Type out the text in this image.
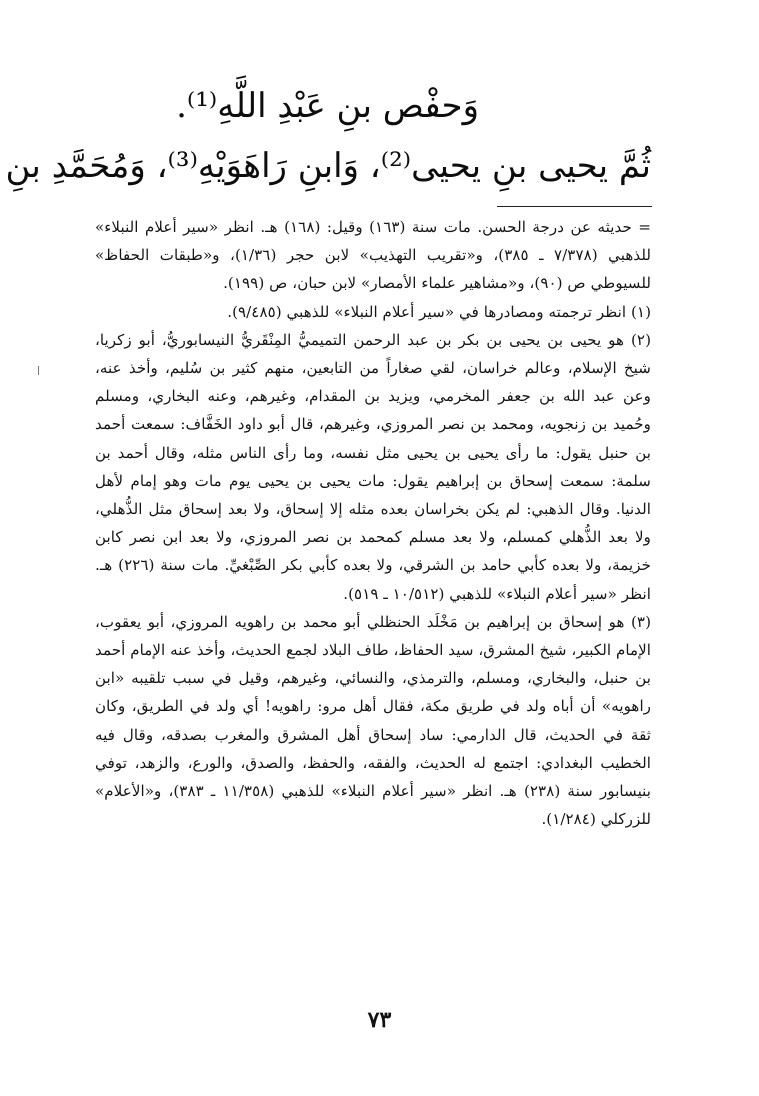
وَحفْص بنِ عَبْدِ اللَّهِ⁽¹⁾.
ثُمَّ يحيى بنِ يحيى⁽²⁾، وَابنِ رَاهَوَيْهِ⁽³⁾، وَمُحَمَّدِ بنِ

= حديثه عن درجة الحسن. مات سنة (١٦٣) وقيل: (١٦٨) هـ. انظر «سير أعلام النبلاء» للذهبي (٧/٣٧٨ ـ ٣٨٥)، و«تقريب التهذيب» لابن حجر (١/٣٦)، و«طبقات الحفاظ» للسيوطي ص (٩٠)، و«مشاهير علماء الأمصار» لابن حبان، ص (١٩٩).

(١) انظر ترجمته ومصادرها في «سير أعلام النبلاء» للذهبي (٩/٤٨٥).

(٢) هو يحيى بن يحيى بن بكر بن عبد الرحمن التميميُّ المِنْقَريُّ النيسابوريُّ، أبو زكريا، شيخ الإسلام، وعالم خراسان، لقي صغاراً من التابعين، منهم كثير بن سُليم، وأخذ عنه، وعن عبد الله بن جعفر المخرمي، ويزيد بن المقدام، وغيرهم، وعنه البخاري، ومسلم وحُميد بن زنجويه، ومحمد بن نصر المروزي، وغيرهم، قال أبو داود الخَفَّاف: سمعت أحمد بن حنبل يقول: ما رأى يحيى بن يحيى مثل نفسه، وما رأى الناس مثله، وقال أحمد بن سلمة: سمعت إسحاق بن إبراهيم يقول: مات يحيى بن يحيى يوم مات وهو إمام لأهل الدنيا. وقال الذهبي: لم يكن بخراسان بعده مثله إلا إسحاق، ولا بعد إسحاق مثل الذُّهلي، ولا بعد الذُّهلي كمسلم، ولا بعد مسلم كمحمد بن نصر المروزي، ولا بعد ابن نصر كابن خزيمة، ولا بعده كأبي حامد بن الشرقي، ولا بعده كأبي بكر الصِّبْغيِّ. مات سنة (٢٢٦) هـ. انظر «سير أعلام النبلاء» للذهبي (١٠/٥١٢ ـ ٥١٩).

(٣) هو إسحاق بن إبراهيم بن مَخْلَد الحنظلي أبو محمد بن راهويه المروزي، أبو يعقوب، الإمام الكبير، شيخ المشرق، سيد الحفاظ، طاف البلاد لجمع الحديث، وأخذ عنه الإمام أحمد بن حنبل، والبخاري، ومسلم، والترمذي، والنسائي، وغيرهم، وقيل في سبب تلقيبه «ابن راهويه» أن أباه ولد في طريق مكة، فقال أهل مرو: راهويه! أي ولد في الطريق، وكان ثقة في الحديث، قال الدارمي: ساد إسحاق أهل المشرق والمغرب بصدقه، وقال فيه الخطيب البغدادي: اجتمع له الحديث، والفقه، والحفظ، والصدق، والورع، والزهد، توفي بنيسابور سنة (٢٣٨) هـ. انظر «سير أعلام النبلاء» للذهبي (١١/٣٥٨ ـ ٣٨٣)، و«الأعلام» للزركلي (١/٢٨٤).

٧٣
